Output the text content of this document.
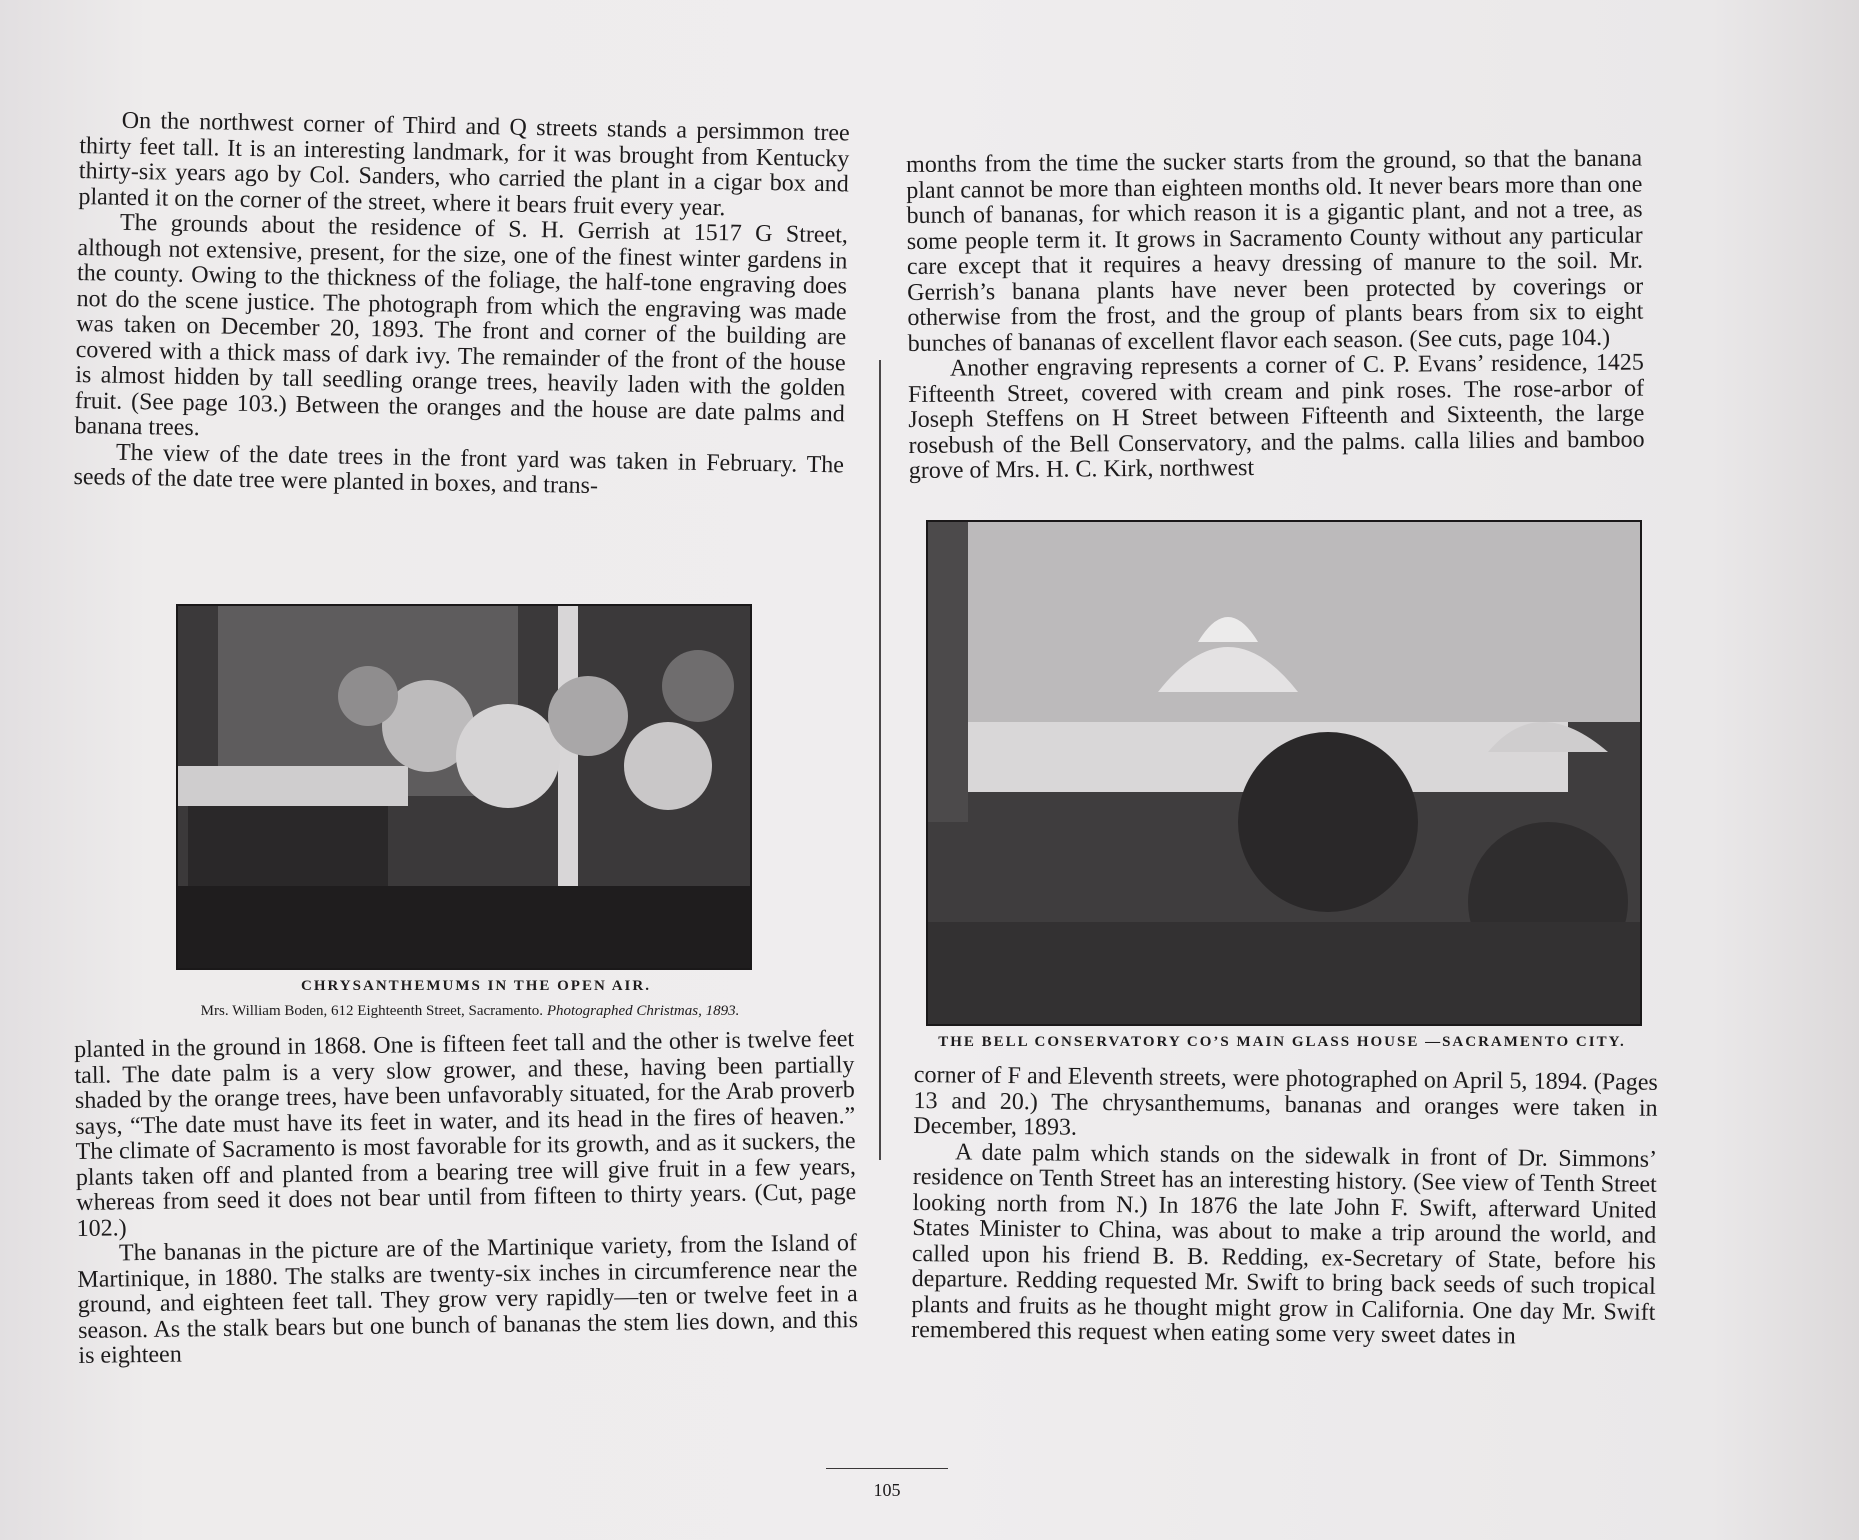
On the northwest corner of Third and Q streets stands a persimmon tree thirty feet tall. It is an interesting landmark, for it was brought from Kentucky thirty-six years ago by Col. Sanders, who carried the plant in a cigar box and planted it on the corner of the street, where it bears fruit every year.

The grounds about the residence of S. H. Gerrish at 1517 G Street, although not extensive, present, for the size, one of the finest winter gardens in the county. Owing to the thickness of the foliage, the half-tone engraving does not do the scene justice. The photograph from which the engraving was made was taken on December 20, 1893. The front and corner of the building are covered with a thick mass of dark ivy. The remainder of the front of the house is almost hidden by tall seedling orange trees, heavily laden with the golden fruit. (See page 103.) Between the oranges and the house are date palms and banana trees.

The view of the date trees in the front yard was taken in February. The seeds of the date tree were planted in boxes, and trans-

CHRYSANTHEMUMS IN THE OPEN AIR.
Mrs. William Boden, 612 Eighteenth Street, Sacramento. Photographed Christmas, 1893.

planted in the ground in 1868. One is fifteen feet tall and the other is twelve feet tall. The date palm is a very slow grower, and these, having been partially shaded by the orange trees, have been unfavorably situated, for the Arab proverb says, “The date must have its feet in water, and its head in the fires of heaven.” The climate of Sacramento is most favorable for its growth, and as it suckers, the plants taken off and planted from a bearing tree will give fruit in a few years, whereas from seed it does not bear until from fifteen to thirty years. (Cut, page 102.)

The bananas in the picture are of the Martinique variety, from the Island of Martinique, in 1880. The stalks are twenty-six inches in circumference near the ground, and eighteen feet tall. They grow very rapidly—ten or twelve feet in a season. As the stalk bears but one bunch of bananas the stem lies down, and this is eighteen

months from the time the sucker starts from the ground, so that the banana plant cannot be more than eighteen months old. It never bears more than one bunch of bananas, for which reason it is a gigantic plant, and not a tree, as some people term it. It grows in Sacramento County without any particular care except that it requires a heavy dressing of manure to the soil. Mr. Gerrish’s banana plants have never been protected by coverings or otherwise from the frost, and the group of plants bears from six to eight bunches of bananas of excellent flavor each season. (See cuts, page 104.)

Another engraving represents a corner of C. P. Evans’ residence, 1425 Fifteenth Street, covered with cream and pink roses. The rose-arbor of Joseph Steffens on H Street between Fifteenth and Sixteenth, the large rosebush of the Bell Conservatory, and the palms. calla lilies and bamboo grove of Mrs. H. C. Kirk, northwest

THE BELL CONSERVATORY CO’S MAIN GLASS HOUSE —SACRAMENTO CITY.

corner of F and Eleventh streets, were photographed on April 5, 1894. (Pages 13 and 20.) The chrysanthemums, bananas and oranges were taken in December, 1893.

A date palm which stands on the sidewalk in front of Dr. Simmons’ residence on Tenth Street has an interesting history. (See view of Tenth Street looking north from N.) In 1876 the late John F. Swift, afterward United States Minister to China, was about to make a trip around the world, and called upon his friend B. B. Redding, ex-Secretary of State, before his departure. Redding requested Mr. Swift to bring back seeds of such tropical plants and fruits as he thought might grow in California. One day Mr. Swift remembered this request when eating some very sweet dates in

105
